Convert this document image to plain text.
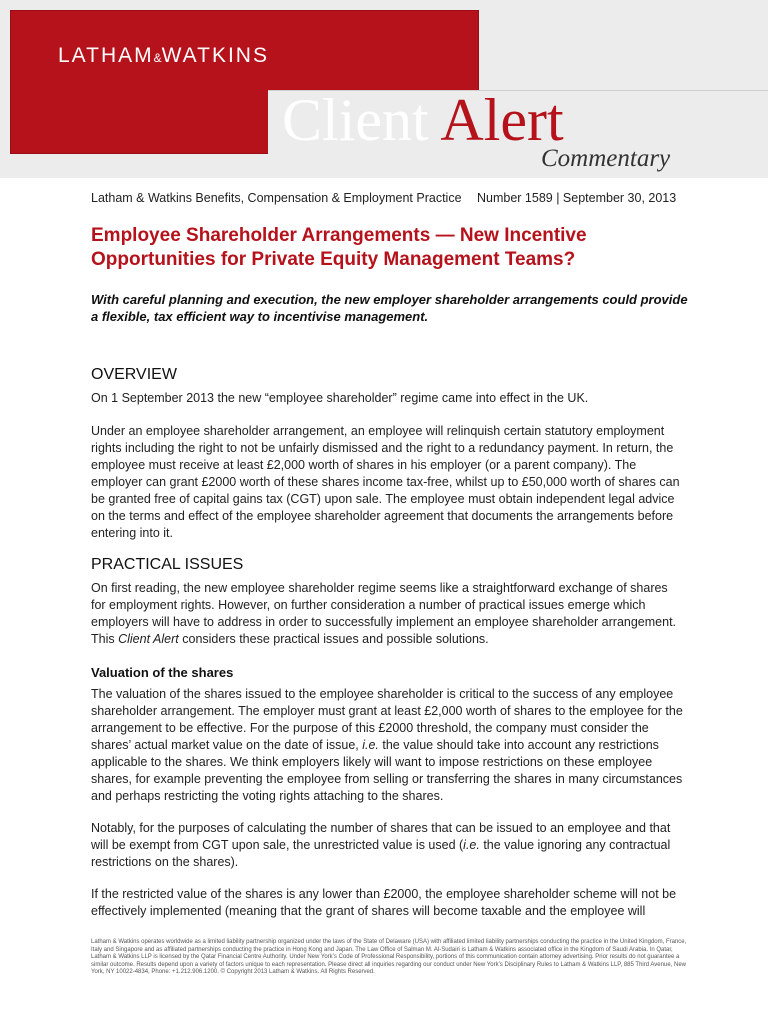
LATHAM&WATKINS
Client Alert
Commentary
Latham & Watkins Benefits, Compensation & Employment Practice Number 1589 | September 30, 2013
Employee Shareholder Arrangements — New Incentive Opportunities for Private Equity Management Teams?
With careful planning and execution, the new employer shareholder arrangements could provide a flexible, tax efficient way to incentivise management.
OVERVIEW

On 1 September 2013 the new “employee shareholder” regime came into effect in the UK.

Under an employee shareholder arrangement, an employee will relinquish certain statutory employment rights including the right to not be unfairly dismissed and the right to a redundancy payment. In return, the employee must receive at least £2,000 worth of shares in his employer (or a parent company). The employer can grant £2000 worth of these shares income tax-free, whilst up to £50,000 worth of shares can be granted free of capital gains tax (CGT) upon sale. The employee must obtain independent legal advice on the terms and effect of the employee shareholder agreement that documents the arrangements before entering into it.

PRACTICAL ISSUES

On first reading, the new employee shareholder regime seems like a straightforward exchange of shares for employment rights. However, on further consideration a number of practical issues emerge which employers will have to address in order to successfully implement an employee shareholder arrangement. This Client Alert considers these practical issues and possible solutions.

Valuation of the shares

The valuation of the shares issued to the employee shareholder is critical to the success of any employee shareholder arrangement. The employer must grant at least £2,000 worth of shares to the employee for the arrangement to be effective. For the purpose of this £2000 threshold, the company must consider the shares’ actual market value on the date of issue, i.e. the value should take into account any restrictions applicable to the shares. We think employers likely will want to impose restrictions on these employee shares, for example preventing the employee from selling or transferring the shares in many circumstances and perhaps restricting the voting rights attaching to the shares.

Notably, for the purposes of calculating the number of shares that can be issued to an employee and that will be exempt from CGT upon sale, the unrestricted value is used (i.e. the value ignoring any contractual restrictions on the shares).

If the restricted value of the shares is any lower than £2000, the employee shareholder scheme will not be effectively implemented (meaning that the grant of shares will become taxable and the employee will

Latham & Watkins operates worldwide as a limited liability partnership organized under the laws of the State of Delaware (USA) with affiliated limited liability partnerships conducting the practice in the United Kingdom, France, Italy and Singapore and as affiliated partnerships conducting the practice in Hong Kong and Japan. The Law Office of Salman M. Al-Sudairi is Latham & Watkins associated office in the Kingdom of Saudi Arabia. In Qatar, Latham & Watkins LLP is licensed by the Qatar Financial Centre Authority. Under New York’s Code of Professional Responsibility, portions of this communication contain attorney advertising. Prior results do not guarantee a similar outcome. Results depend upon a variety of factors unique to each representation. Please direct all inquiries regarding our conduct under New York’s Disciplinary Rules to Latham & Watkins LLP, 885 Third Avenue, New York, NY 10022-4834, Phone: +1.212.906.1200. © Copyright 2013 Latham & Watkins. All Rights Reserved.
